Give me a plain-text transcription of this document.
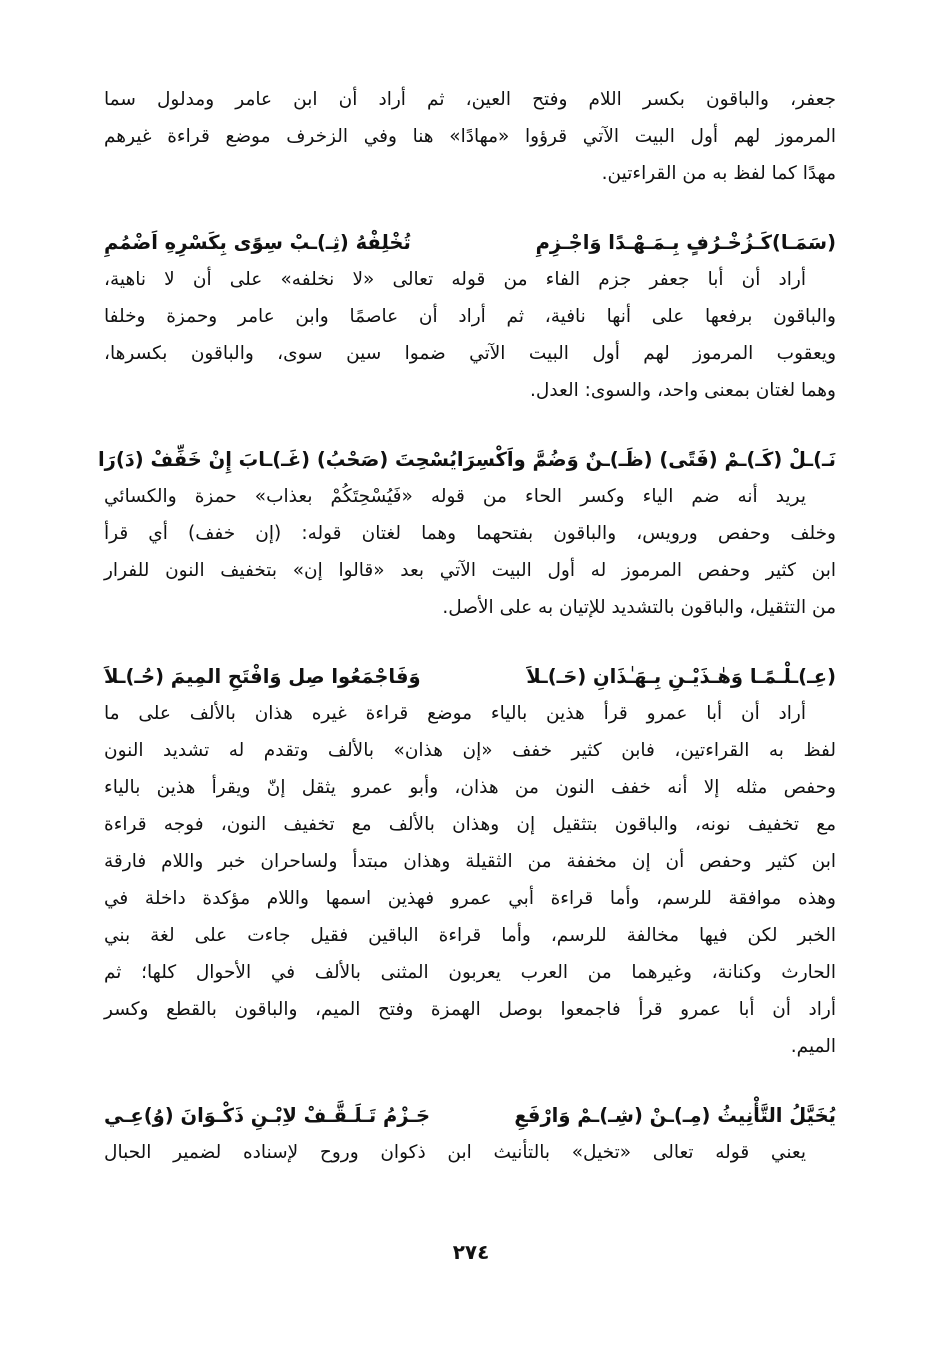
جعفر، والباقون بكسر اللام وفتح العين، ثم أراد أن ابن عامر ومدلول سما
المرموز لهم أول البيت الآتي قرؤوا «مهادًا» هنا وفي الزخرف موضع قراءة غيرهم
مهدًا كما لفظ به من القراءتين.
(سَمَـا)كَـزُخْـرُفٍ بِـمَـهْـدًا وَاجْـزِمِ
تُخْلِفْهُ (ثِـ)ـبْ سِوًى بِكَسْرِهِ اَضْمُمِ
أراد أن أبا جعفر جزم الفاء من قوله تعالى «لا نخلفه» على أن لا ناهية،
والباقون برفعها على أنها نافية، ثم أراد أن عاصمًا وابن عامر وحمزة وخلفا
ويعقوب المرموز لهم أول البيت الآتي ضموا سين سوى، والباقون بكسرها،
وهما لغتان بمعنى واحد، والسوى: العدل.
نَـ)ـلْ (كَـ)ـمْ (فَتًى) (ظَـ)ـنٌ وَضُمَّ واَكْسِرَا
يُسْحِتَ (صَحْبُ) (غَـ)ـابَ إِنْ خَفِّفْ (دَ)رَا
يريد أنه ضم الياء وكسر الحاء من قوله «فَيُسْحِتَكُمْ بعذاب» حمزة والكسائي
وخلف وحفص ورويس، والباقون بفتحهما وهما لغتان قوله: (إن خفف) أي قرأ
ابن كثير وحفص المرموز له أول البيت الآتي بعد «قالوا إن» بتخفيف النون للفرار
من التثقيل، والباقون بالتشديد للإتيان به على الأصل.
(عِـ)ـلْـمًـا وَهٰـذَيْـنِ بِـهَـٰذَانِ (حَـ)ـلاَ
وَفَاجْمَعُوا صِل وَافْتَحِ المِيمَ (حُـ)ـلاَ
أراد أن أبا عمرو قرأ هذين بالياء موضع قراءة غيره هذان بالألف على ما
لفظ به القراءتين، فابن كثير خفف «إن هذان» بالألف وتقدم له تشديد النون
وحفص مثله إلا أنه خفف النون من هذان، وأبو عمرو يثقل إنّ ويقرأ هذين بالياء
مع تخفيف نونه، والباقون بتثقيل إن وهذان بالألف مع تخفيف النون، فوجه قراءة
ابن كثير وحفص أن إن مخففة من الثقيلة وهذان مبتدأ ولساحران خبر واللام فارقة
وهذه موافقة للرسم، وأما قراءة أبي عمرو فهذين اسمها واللام مؤكدة داخلة في
الخبر لكن فيها مخالفة للرسم، وأما قراءة الباقين فقيل جاءت على لغة بني
الحارث وكنانة، وغيرهما من العرب يعربون المثنى بالألف في الأحوال كلها؛ ثم
أراد أن أبا عمرو قرأ فاجمعوا بوصل الهمزة وفتح الميم، والباقون بالقطع وكسر
الميم.
يُخَيَّلُ التَّأْنِيثُ (مِـ)ـنْ (شِـ)ـمْ وَارْفَعِ
جَـزْمُ تَـلَـقَّـفْ لاِبْـنِ ذَكْـوَانَ (وُ)عِـي
يعني قوله تعالى «تخيل» بالتأنيث ابن ذكوان وروح لإسناده لضمير الحبال
٢٧٤
